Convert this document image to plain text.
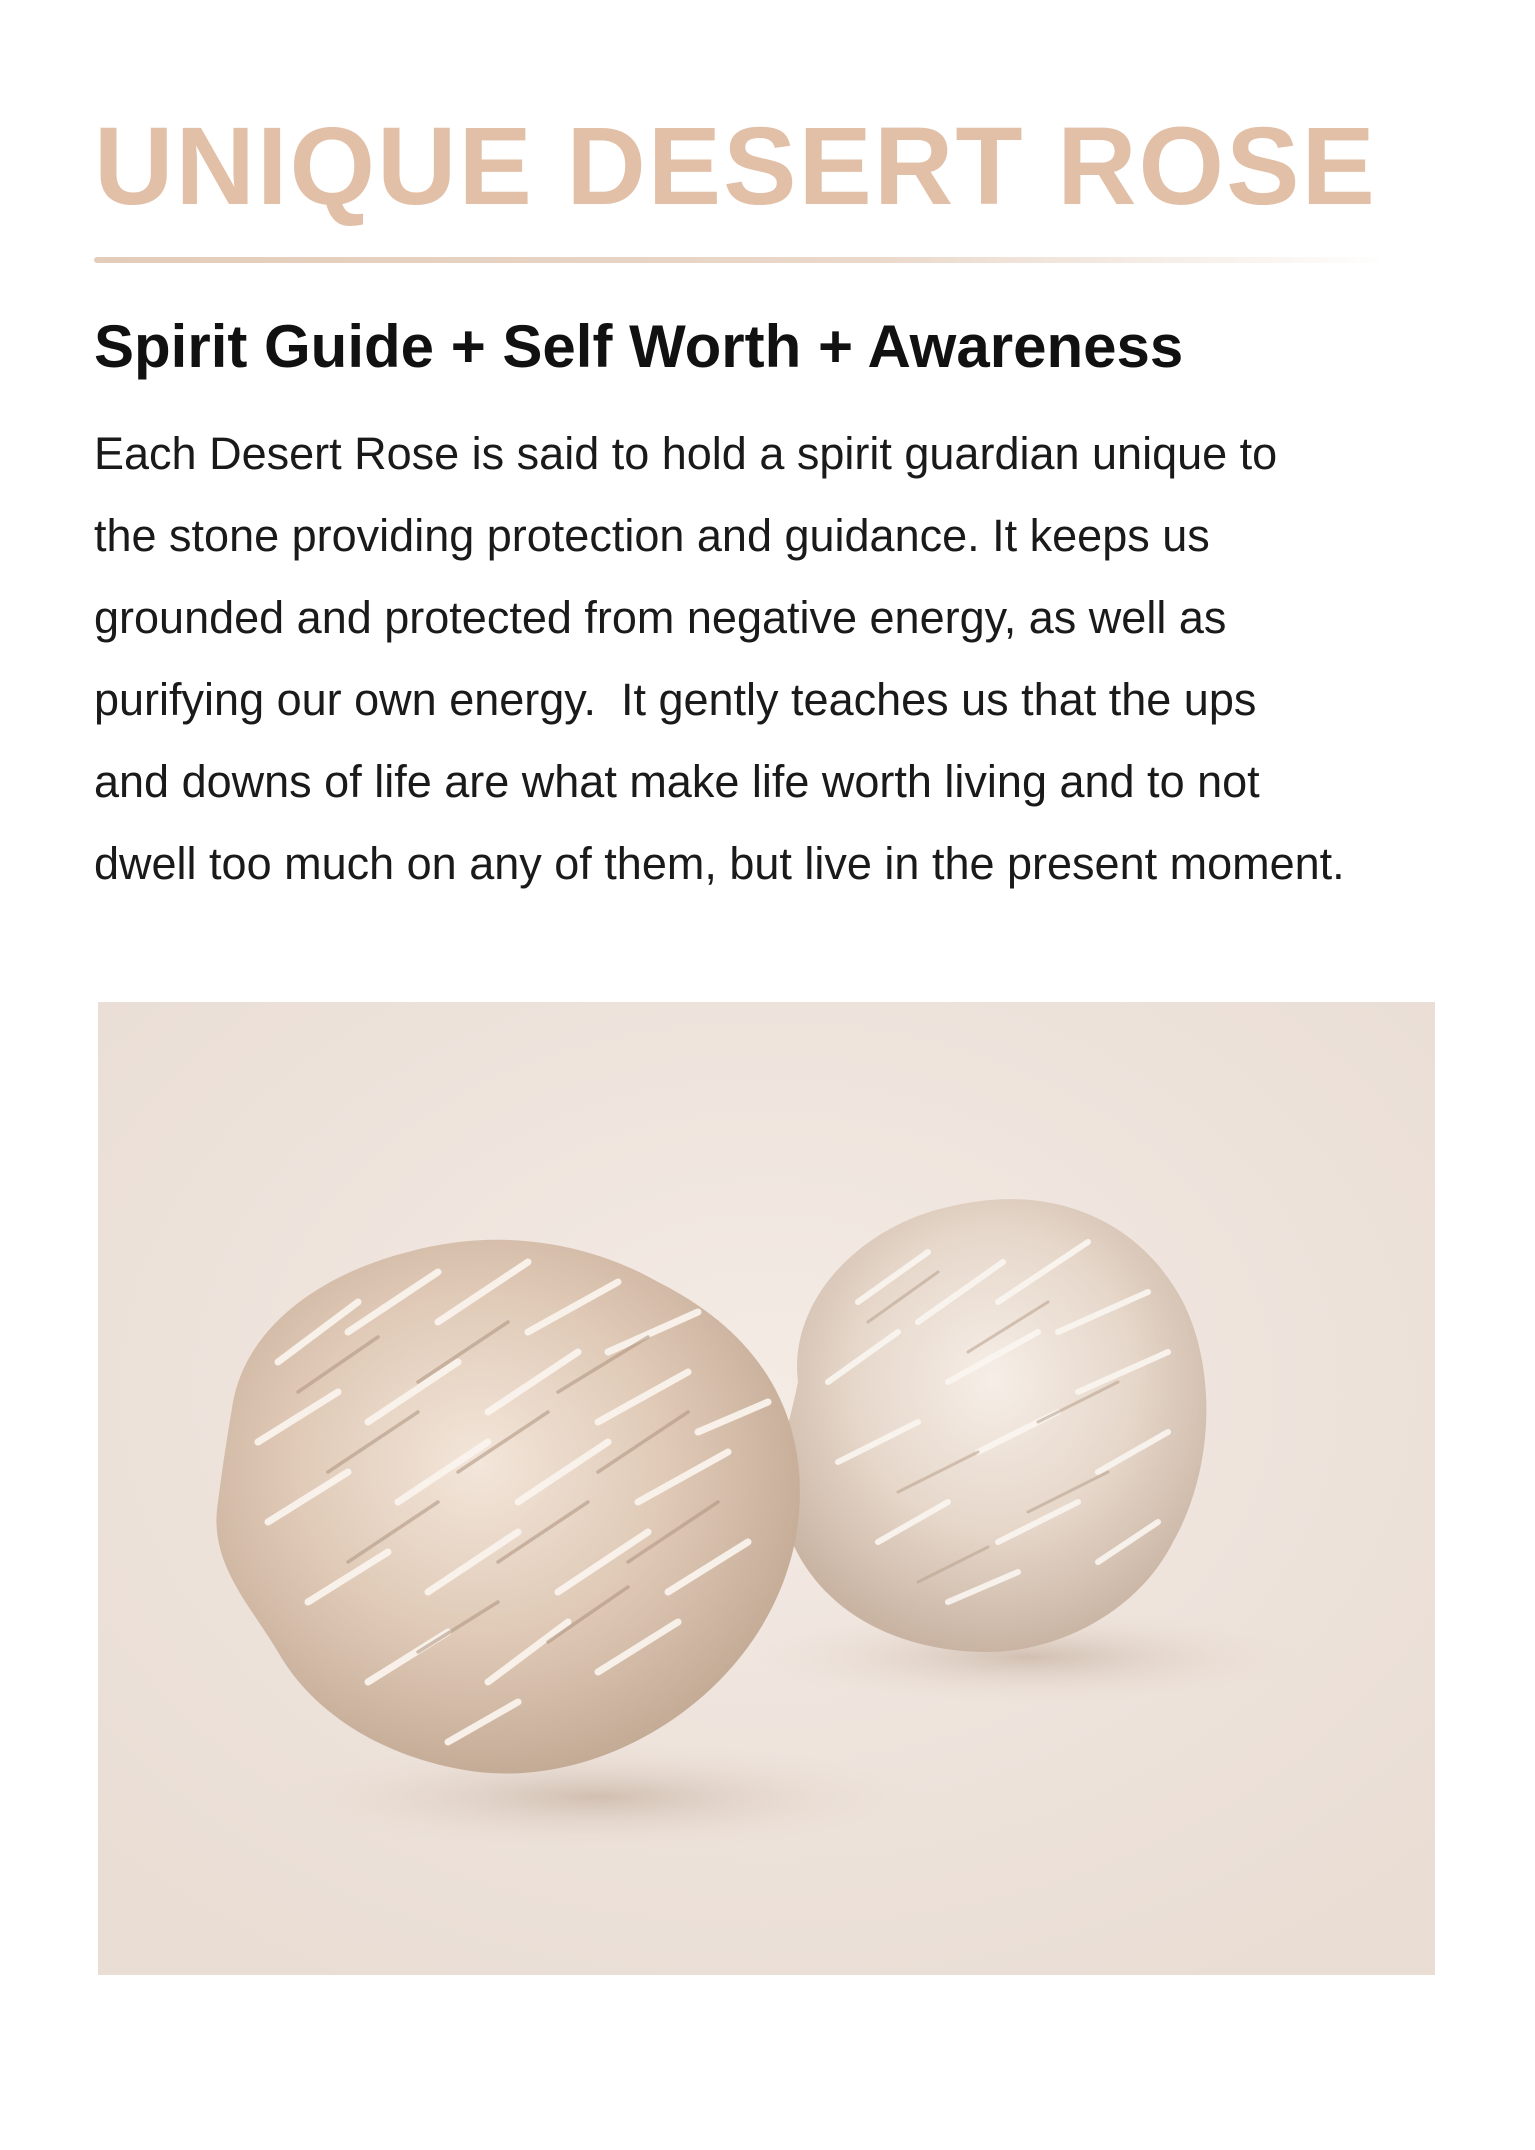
UNIQUE DESERT ROSE
Spirit Guide + Self Worth + Awareness

Each Desert Rose is said to hold a spirit guardian unique to
the stone providing protection and guidance. It keeps us
grounded and protected from negative energy, as well as
purifying our own energy.  It gently teaches us that the ups
and downs of life are what make life worth living and to not
dwell too much on any of them, but live in the present moment.
